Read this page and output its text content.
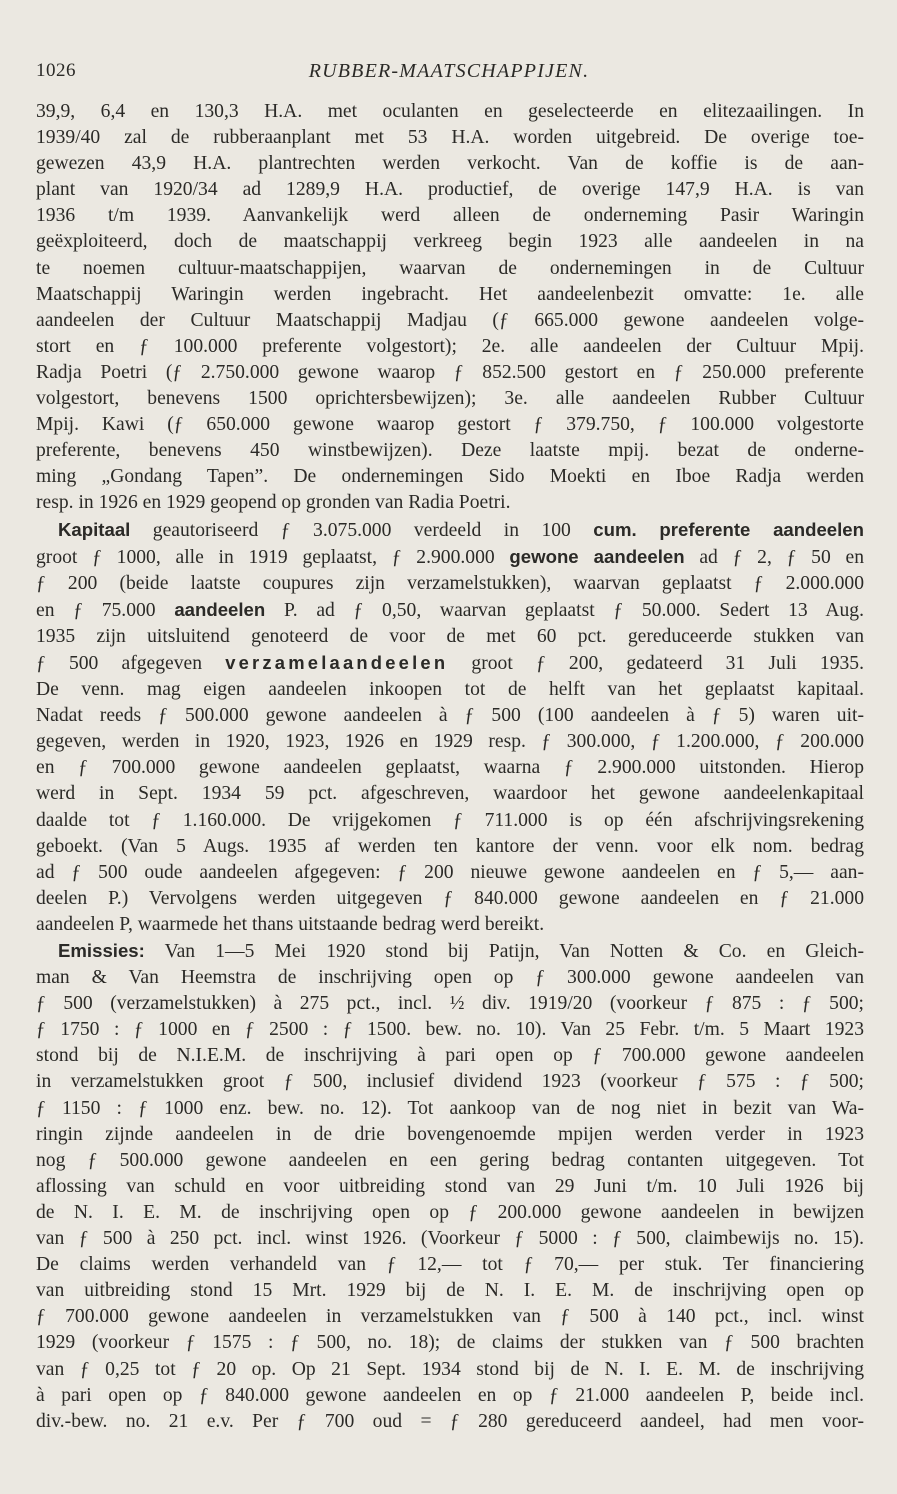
1026	RUBBER-MAATSCHAPPIJEN.

39,9, 6,4 en 130,3 H.A. met oculanten en geselecteerde en elitezaailingen. In

1939/40 zal de rubberaanplant met 53 H.A. worden uitgebreid. De overige toe-

gewezen 43,9 H.A. plantrechten werden verkocht. Van de koffie is de aan-

plant van 1920/34 ad 1289,9 H.A. productief, de overige 147,9 H.A. is van

1936 t/m 1939. Aanvankelijk werd alleen de onderneming Pasir Waringin

geëxploiteerd, doch de maatschappij verkreeg begin 1923 alle aandeelen in na

te noemen cultuur-maatschappijen, waarvan de ondernemingen in de Cultuur

Maatschappij Waringin werden ingebracht. Het aandeelenbezit omvatte: 1e. alle

aandeelen der Cultuur Maatschappij Madjau (ƒ 665.000 gewone aandeelen volge-

stort en ƒ 100.000 preferente volgestort); 2e. alle aandeelen der Cultuur Mpij.

Radja Poetri (ƒ 2.750.000 gewone waarop ƒ 852.500 gestort en ƒ 250.000 preferente

volgestort, benevens 1500 oprichtersbewijzen); 3e. alle aandeelen Rubber Cultuur

Mpij. Kawi (ƒ 650.000 gewone waarop gestort ƒ 379.750, ƒ 100.000 volgestorte

preferente, benevens 450 winstbewijzen). Deze laatste mpij. bezat de onderne-

ming „Gondang Tapen”. De ondernemingen Sido Moekti en Iboe Radja werden

resp. in 1926 en 1929 geopend op gronden van Radia Poetri.

Kapitaal geautoriseerd ƒ 3.075.000 verdeeld in 100 cum. preferente aandeelen

groot ƒ 1000, alle in 1919 geplaatst, ƒ 2.900.000 gewone aandeelen ad ƒ 2, ƒ 50 en

ƒ 200 (beide laatste coupures zijn verzamelstukken), waarvan geplaatst ƒ 2.000.000

en ƒ 75.000 aandeelen P. ad ƒ 0,50, waarvan geplaatst ƒ 50.000. Sedert 13 Aug.

1935 zijn uitsluitend genoteerd de voor de met 60 pct. gereduceerde stukken van

ƒ 500 afgegeven verzamelaandeelen groot ƒ 200, gedateerd 31 Juli 1935.

De venn. mag eigen aandeelen inkoopen tot de helft van het geplaatst kapitaal.

Nadat reeds ƒ 500.000 gewone aandeelen à ƒ 500 (100 aandeelen à ƒ 5) waren uit-

gegeven, werden in 1920, 1923, 1926 en 1929 resp. ƒ 300.000, ƒ 1.200.000, ƒ 200.000

en ƒ 700.000 gewone aandeelen geplaatst, waarna ƒ 2.900.000 uitstonden. Hierop

werd in Sept. 1934 59 pct. afgeschreven, waardoor het gewone aandeelenkapitaal

daalde tot ƒ 1.160.000. De vrijgekomen ƒ 711.000 is op één afschrijvingsrekening

geboekt. (Van 5 Augs. 1935 af werden ten kantore der venn. voor elk nom. bedrag

ad ƒ 500 oude aandeelen afgegeven: ƒ 200 nieuwe gewone aandeelen en ƒ 5,— aan-

deelen P.) Vervolgens werden uitgegeven ƒ 840.000 gewone aandeelen en ƒ 21.000

aandeelen P, waarmede het thans uitstaande bedrag werd bereikt.

Emissies: Van 1—5 Mei 1920 stond bij Patijn, Van Notten & Co. en Gleich-

man & Van Heemstra de inschrijving open op ƒ 300.000 gewone aandeelen van

ƒ 500 (verzamelstukken) à 275 pct., incl. ½ div. 1919/20 (voorkeur ƒ 875 : ƒ 500;

ƒ 1750 : ƒ 1000 en ƒ 2500 : ƒ 1500. bew. no. 10). Van 25 Febr. t/m. 5 Maart 1923

stond bij de N.I.E.M. de inschrijving à pari open op ƒ 700.000 gewone aandeelen

in verzamelstukken groot ƒ 500, inclusief dividend 1923 (voorkeur ƒ 575 : ƒ 500;

ƒ 1150 : ƒ 1000 enz. bew. no. 12). Tot aankoop van de nog niet in bezit van Wa-

ringin zijnde aandeelen in de drie bovengenoemde mpijen werden verder in 1923

nog ƒ 500.000 gewone aandeelen en een gering bedrag contanten uitgegeven. Tot

aflossing van schuld en voor uitbreiding stond van 29 Juni t/m. 10 Juli 1926 bij

de N. I. E. M. de inschrijving open op ƒ 200.000 gewone aandeelen in bewijzen

van ƒ 500 à 250 pct. incl. winst 1926. (Voorkeur ƒ 5000 : ƒ 500, claimbewijs no. 15).

De claims werden verhandeld van ƒ 12,— tot ƒ 70,— per stuk. Ter financiering

van uitbreiding stond 15 Mrt. 1929 bij de N. I. E. M. de inschrijving open op

ƒ 700.000 gewone aandeelen in verzamelstukken van ƒ 500 à 140 pct., incl. winst

1929 (voorkeur ƒ 1575 : ƒ 500, no. 18); de claims der stukken van ƒ 500 brachten

van ƒ 0,25 tot ƒ 20 op. Op 21 Sept. 1934 stond bij de N. I. E. M. de inschrijving

à pari open op ƒ 840.000 gewone aandeelen en op ƒ 21.000 aandeelen P, beide incl.

div.-bew. no. 21 e.v. Per ƒ 700 oud = ƒ 280 gereduceerd aandeel, had men voor-
